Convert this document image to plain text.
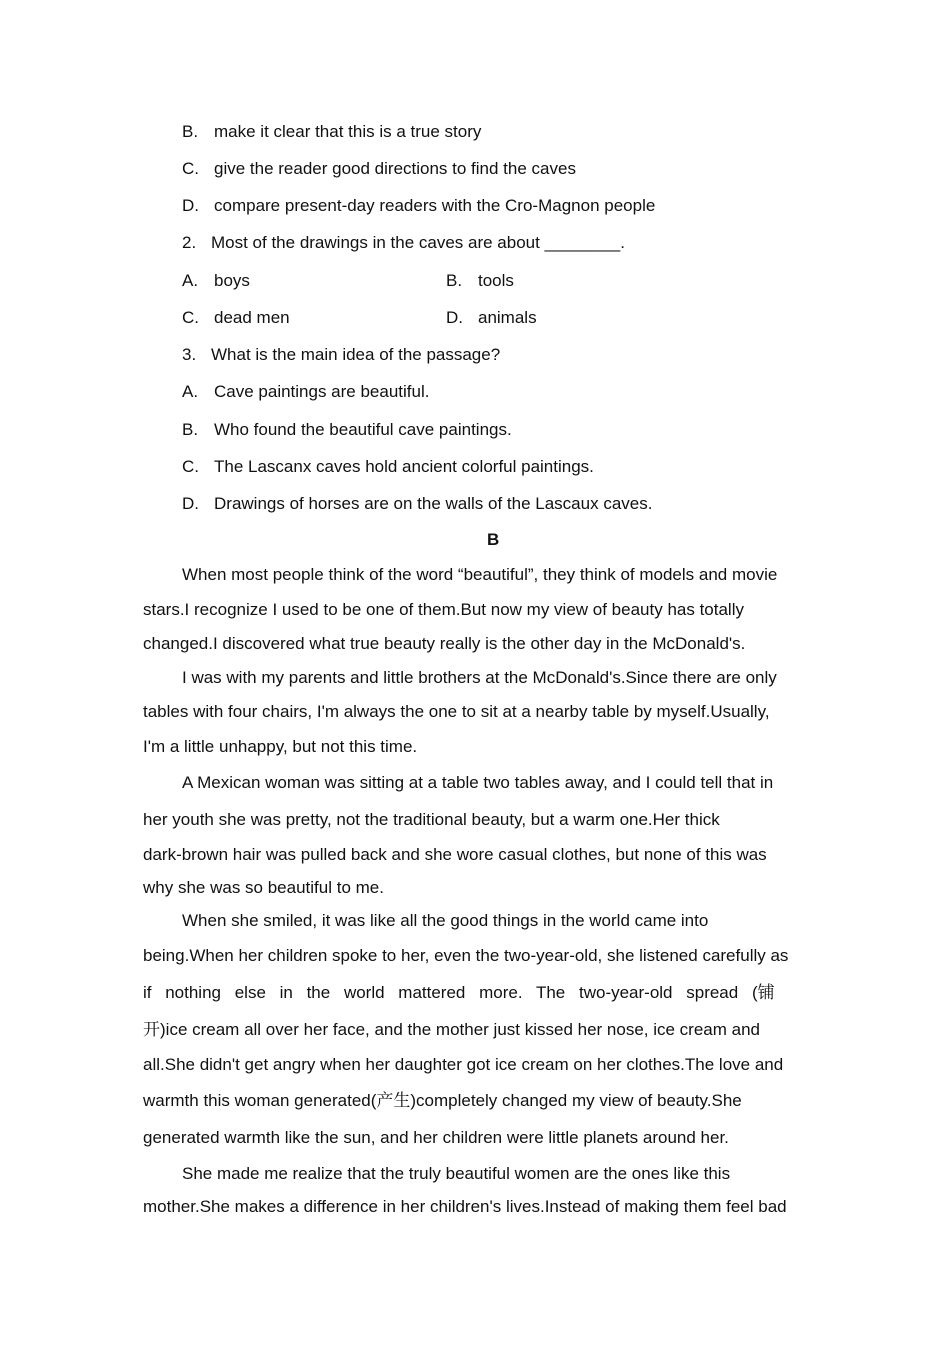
B. make it clear that this is a true story
C. give the reader good directions to find the caves
D. compare present-day readers with the Cro-Magnon people
2. Most of the drawings in the caves are about ________.
A. boys	B. tools
C. dead men	D. animals
3. What is the main idea of the passage?
A. Cave paintings are beautiful.
B. Who found the beautiful cave paintings.
C. The Lascanx caves hold ancient colorful paintings.
D. Drawings of horses are on the walls of the Lascaux caves.
B
When most people think of the word “beautiful”, they think of models and movie
stars.I recognize I used to be one of them.But now my view of beauty has totally
changed.I discovered what true beauty really is the other day in the McDonald's.
I was with my parents and little brothers at the McDonald's.Since there are only
tables with four chairs, I'm always the one to sit at a nearby table by myself.Usually,
I'm a little unhappy, but not this time.
A Mexican woman was sitting at a table two tables away, and I could tell that in
her youth she was pretty, not the traditional beauty, but a warm one.Her thick
dark-brown hair was pulled back and she wore casual clothes, but none of this was
why she was so beautiful to me.
When she smiled, it was like all the good things in the world came into
being.When her children spoke to her, even the two-year-old, she listened carefully as
if nothing else in the world mattered more. The two-year-old spread (铺
开)ice cream all over her face, and the mother just kissed her nose, ice cream and
all.She didn't get angry when her daughter got ice cream on her clothes.The love and
warmth this woman generated(产生)completely changed my view of beauty.She
generated warmth like the sun, and her children were little planets around her.
She made me realize that the truly beautiful women are the ones like this
mother.She makes a difference in her children's lives.Instead of making them feel bad
